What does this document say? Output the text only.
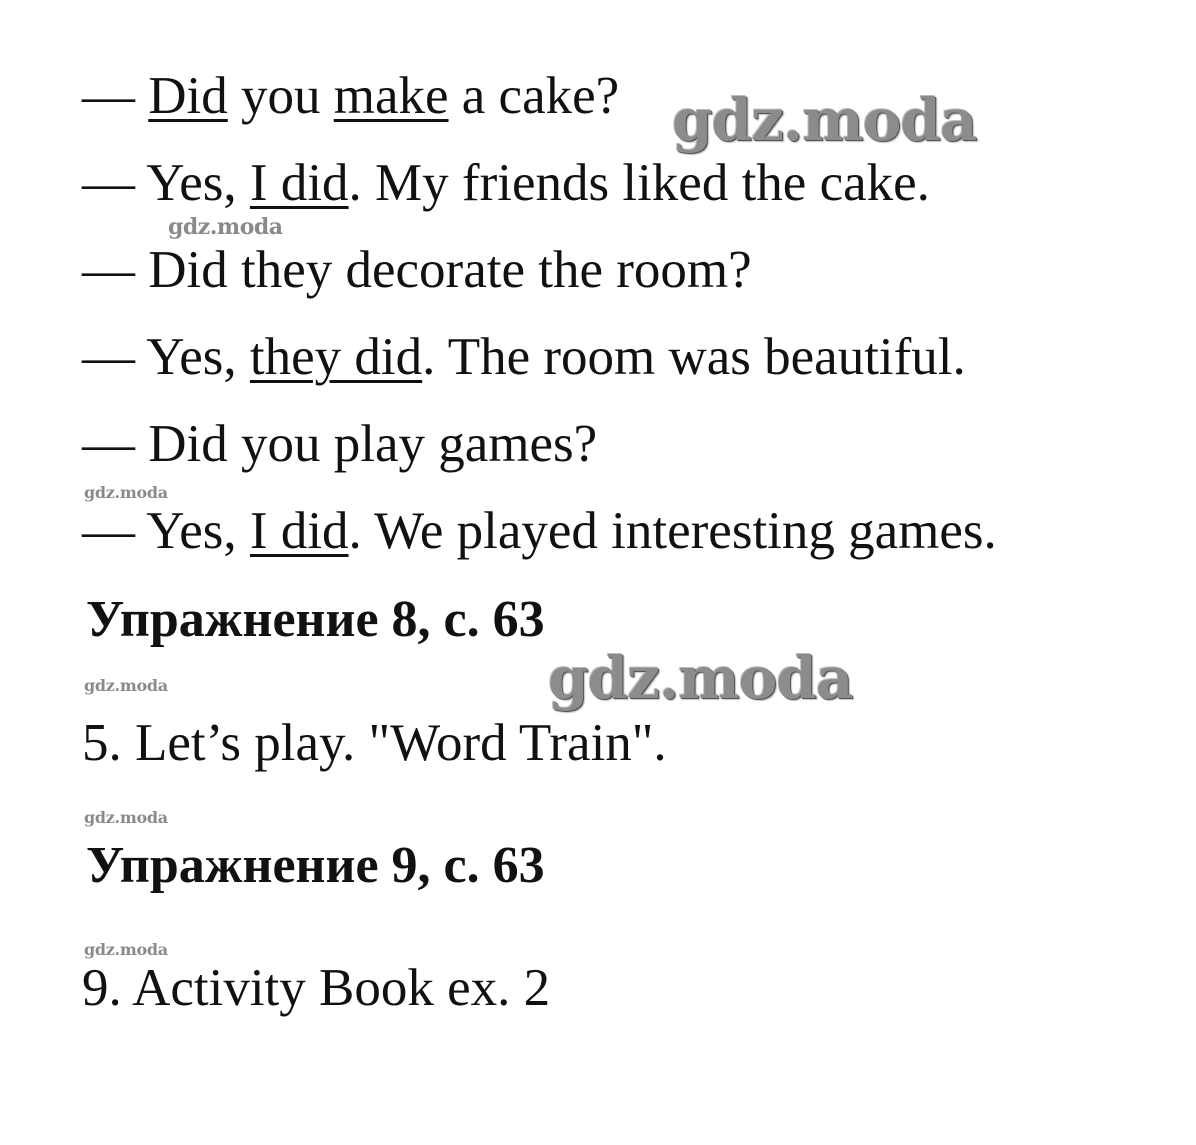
— Did you make a cake?
— Yes, I did. My friends liked the cake.
— Did they decorate the room?
— Yes, they did. The room was beautiful.
— Did you play games?
— Yes, I did. We played interesting games.
Упражнение 8, с. 63
5. Let’s play. "Word Train".
Упражнение 9, с. 63
9. Activity Book ex. 2
gdz.moda
gdz.moda
gdz.moda
gdz.moda
gdz.moda
gdz.moda
gdz.moda
